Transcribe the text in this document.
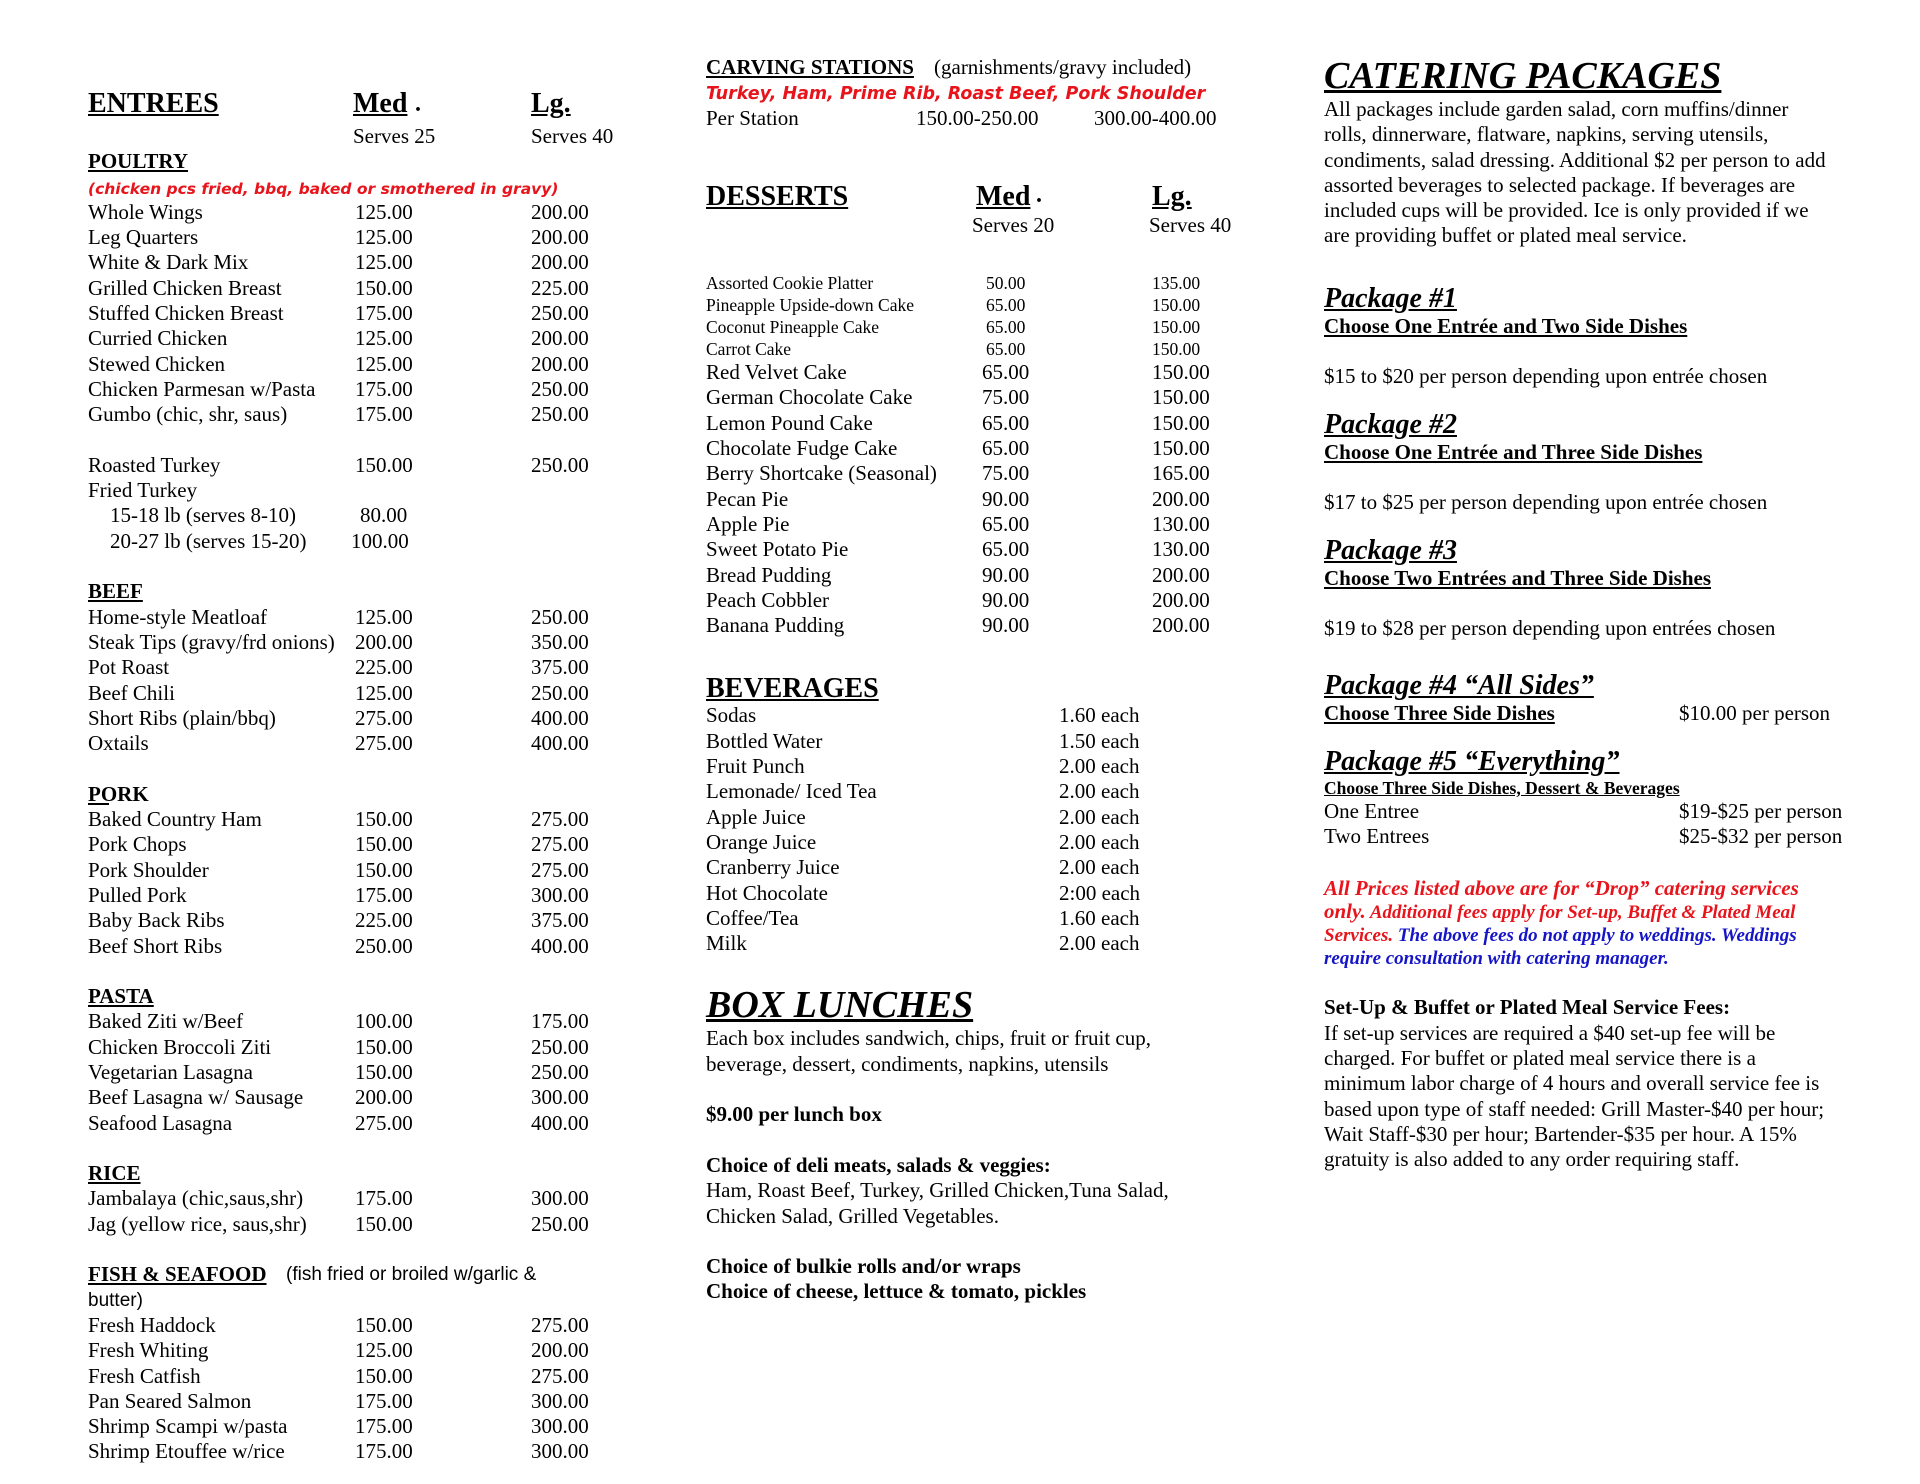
ENTREES	Med .	Lg.
Serves 25	Serves 40
POULTRY
(chicken pcs fried, bbq, baked or smothered in gravy)
Whole Wings	125.00	200.00
Leg Quarters	125.00	200.00
White & Dark Mix	125.00	200.00
Grilled Chicken Breast	150.00	225.00
Stuffed Chicken Breast	175.00	250.00
Curried Chicken	125.00	200.00
Stewed Chicken	125.00	200.00
Chicken Parmesan w/Pasta 175.00	250.00
Gumbo (chic, shr, saus)	175.00	250.00
Roasted Turkey	150.00	250.00
Fried Turkey
15-18 lb (serves 8-10)	80.00
20-27 lb (serves 15-20) 100.00
BEEF
Home-style Meatloaf	125.00	250.00
Steak Tips (gravy/frd onions) 200.00	350.00
Pot Roast	225.00	375.00
Beef Chili	125.00	250.00
Short Ribs (plain/bbq)	275.00	400.00
Oxtails	275.00	400.00
PORK

Baked Country Ham	150.00	275.00
Pork Chops	150.00	275.00
Pork Shoulder	150.00	275.00
Pulled Pork	175.00	300.00
Baby Back Ribs	225.00	375.00
Beef Short Ribs	250.00	400.00
PASTA
Baked Ziti w/Beef	100.00	175.00
Chicken Broccoli Ziti	150.00	250.00
Vegetarian Lasagna	150.00	250.00
Beef Lasagna w/ Sausage 200.00	300.00
Seafood Lasagna	275.00	400.00
RICE
Jambalaya (chic,saus,shr) 175.00	300.00
Jag (yellow rice, saus,shr) 150.00	250.00
FISH & SEAFOOD (fish fried or broiled w/garlic &
butter)
Fresh Haddock	150.00	275.00
Fresh Whiting	125.00	200.00
Fresh Catfish	150.00	275.00
Pan Seared Salmon	175.00	300.00
Shrimp Scampi w/pasta	175.00	300.00
Shrimp Etouffee w/rice	175.00	300.00
CARVING STATIONS (garnishments/gravy included)
Turkey, Ham, Prime Rib, Roast Beef, Pork Shoulder
Per Station	150.00-250.00	300.00-400.00
DESSERTS	Med .	Lg.
Serves 20	Serves 40
Assorted Cookie Platter	50.00	135.00
Pineapple Upside-down Cake	65.00	150.00
Coconut Pineapple Cake	65.00	150.00
Carrot Cake	65.00	150.00
Red Velvet Cake	65.00	150.00
German Chocolate Cake	75.00	150.00
Lemon Pound Cake	65.00	150.00
Chocolate Fudge Cake	65.00	150.00
Berry Shortcake (Seasonal) 75.00	165.00
Pecan Pie	90.00	200.00
Apple Pie	65.00	130.00
Sweet Potato Pie	65.00	130.00
Bread Pudding	90.00	200.00
Peach Cobbler	90.00	200.00
Banana Pudding	90.00	200.00
BEVERAGES
Sodas	1.60 each
Bottled Water	1.50 each
Fruit Punch	2.00 each
Lemonade/ Iced Tea	2.00 each
Apple Juice	2.00 each
Orange Juice	2.00 each
Cranberry Juice	2.00 each
Hot Chocolate	2:00 each
Coffee/Tea	1.60 each
Milk	2.00 each
BOX LUNCHES
Each box includes sandwich, chips, fruit or fruit cup,
beverage, dessert, condiments, napkins, utensils
$9.00 per lunch box
Choice of deli meats, salads & veggies:
Ham, Roast Beef, Turkey, Grilled Chicken,Tuna Salad,
Chicken Salad, Grilled Vegetables.
Choice of bulkie rolls and/or wraps
Choice of cheese, lettuce & tomato, pickles
CATERING PACKAGES
All packages include garden salad, corn muffins/dinner
rolls, dinnerware, flatware, napkins, serving utensils,
condiments, salad dressing. Additional $2 per person to add
assorted beverages to selected package. If beverages are
included cups will be provided. Ice is only provided if we
are providing buffet or plated meal service.
Package #1
Choose One Entrée and Two Side Dishes
$15 to $20 per person depending upon entrée chosen
Package #2
Choose One Entrée and Three Side Dishes
$17 to $25 per person depending upon entrée chosen
Package #3
Choose Two Entrées and Three Side Dishes
$19 to $28 per person depending upon entrées chosen
Package #4 “All Sides”
Choose Three Side Dishes	$10.00 per person
Package #5 “Everything”
Choose Three Side Dishes, Dessert & Beverages
One Entree	$19-$25 per person
Two Entrees	$25-$32 per person
All Prices listed above are for “Drop” catering services
only. Additional fees apply for Set-up, Buffet & Plated Meal
Services. The above fees do not apply to weddings. Weddings
require consultation with catering manager.
Set-Up & Buffet or Plated Meal Service Fees:
If set-up services are required a $40 set-up fee will be
charged. For buffet or plated meal service there is a
minimum labor charge of 4 hours and overall service fee is
based upon type of staff needed: Grill Master-$40 per hour;
Wait Staff-$30 per hour; Bartender-$35 per hour. A 15%
gratuity is also added to any order requiring staff.
